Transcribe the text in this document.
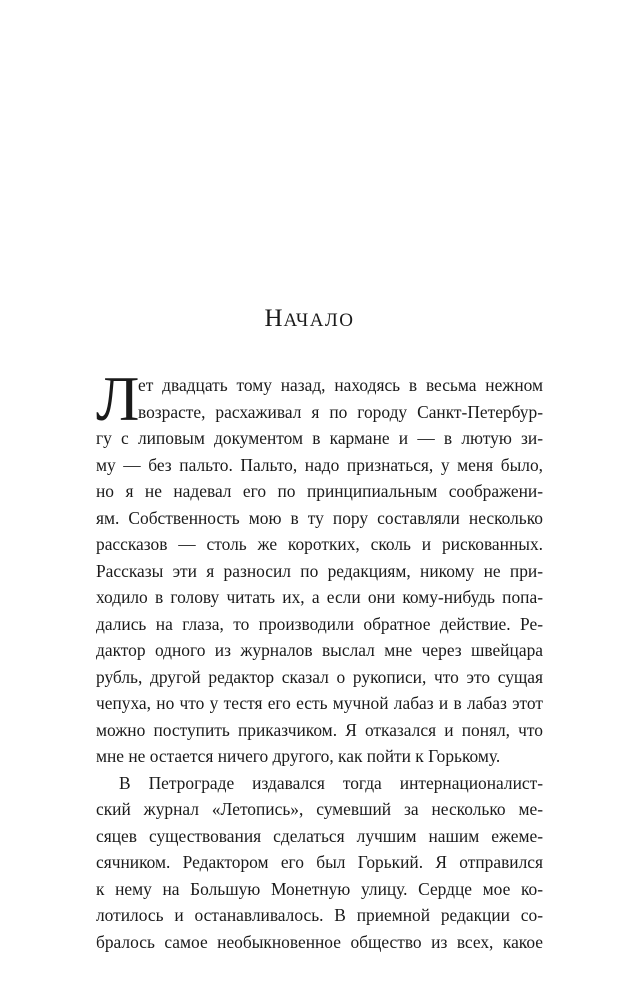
НАЧАЛО
Л
ет двадцать тому назад, находясь в весьма нежном
возрасте, расхаживал я по городу Санкт-Петербур-
гу с липовым документом в кармане и — в лютую зи-
му — без пальто. Пальто, надо признаться, у меня было,
но я не надевал его по принципиальным соображени-
ям. Собственность мою в ту пору составляли несколько
рассказов — столь же коротких, сколь и рискованных.
Рассказы эти я разносил по редакциям, никому не при-
ходило в голову читать их, а если они кому-нибудь попа-
дались на глаза, то производили обратное действие. Ре-
дактор одного из журналов выслал мне через швейцара
рубль, другой редактор сказал о рукописи, что это сущая
чепуха, но что у тестя его есть мучной лабаз и в лабаз этот
можно поступить приказчиком. Я отказался и понял, что
мне не остается ничего другого, как пойти к Горькому.
В Петрограде издавался тогда интернационалист-
ский журнал «Летопись», сумевший за несколько ме-
сяцев существования сделаться лучшим нашим ежеме-
сячником. Редактором его был Горький. Я отправился
к нему на Большую Монетную улицу. Сердце мое ко-
лотилось и останавливалось. В приемной редакции со-
бралось самое необыкновенное общество из всех, какое
